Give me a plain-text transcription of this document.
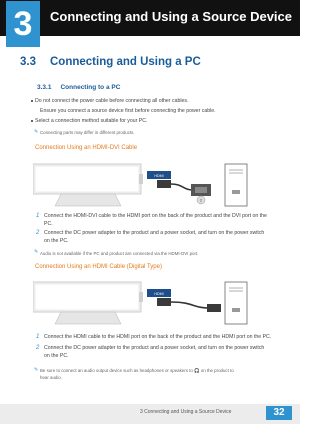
3	Connecting and Using a Source Device
3.3 Connecting and Using a PC
3.3.1 Connecting to a PC
Do not connect the power cable before connecting all other cables.
Ensure you connect a source device first before connecting the power cable.
Select a connection method suitable for your PC.
✎ Connecting parts may differ in different products.
Connection Using an HDMI-DVI Cable
HDMI
2
1 Connect the HDMI-DVI cable to the HDMI port on the back of the product and the DVI port on the
PC.
2 Connect the DC power adapter to the product and a power socket, and turn on the power switch
on the PC.
✎ Audio is not available if the PC and product are connected via the HDMI-DVI port.
Connection Using an HDMI Cable (Digital Type)
HDMI
1 Connect the HDMI cable to the HDMI port on the back of the product and the HDMI port on the PC.
2 Connect the DC power adapter to the product and a power socket, and turn on the power switch
on the PC.
✎ Be sure to connect an audio output device such as headphones or speakers to 🎧 on the product to
hear audio.
3 Connecting and Using a Source Device	32
